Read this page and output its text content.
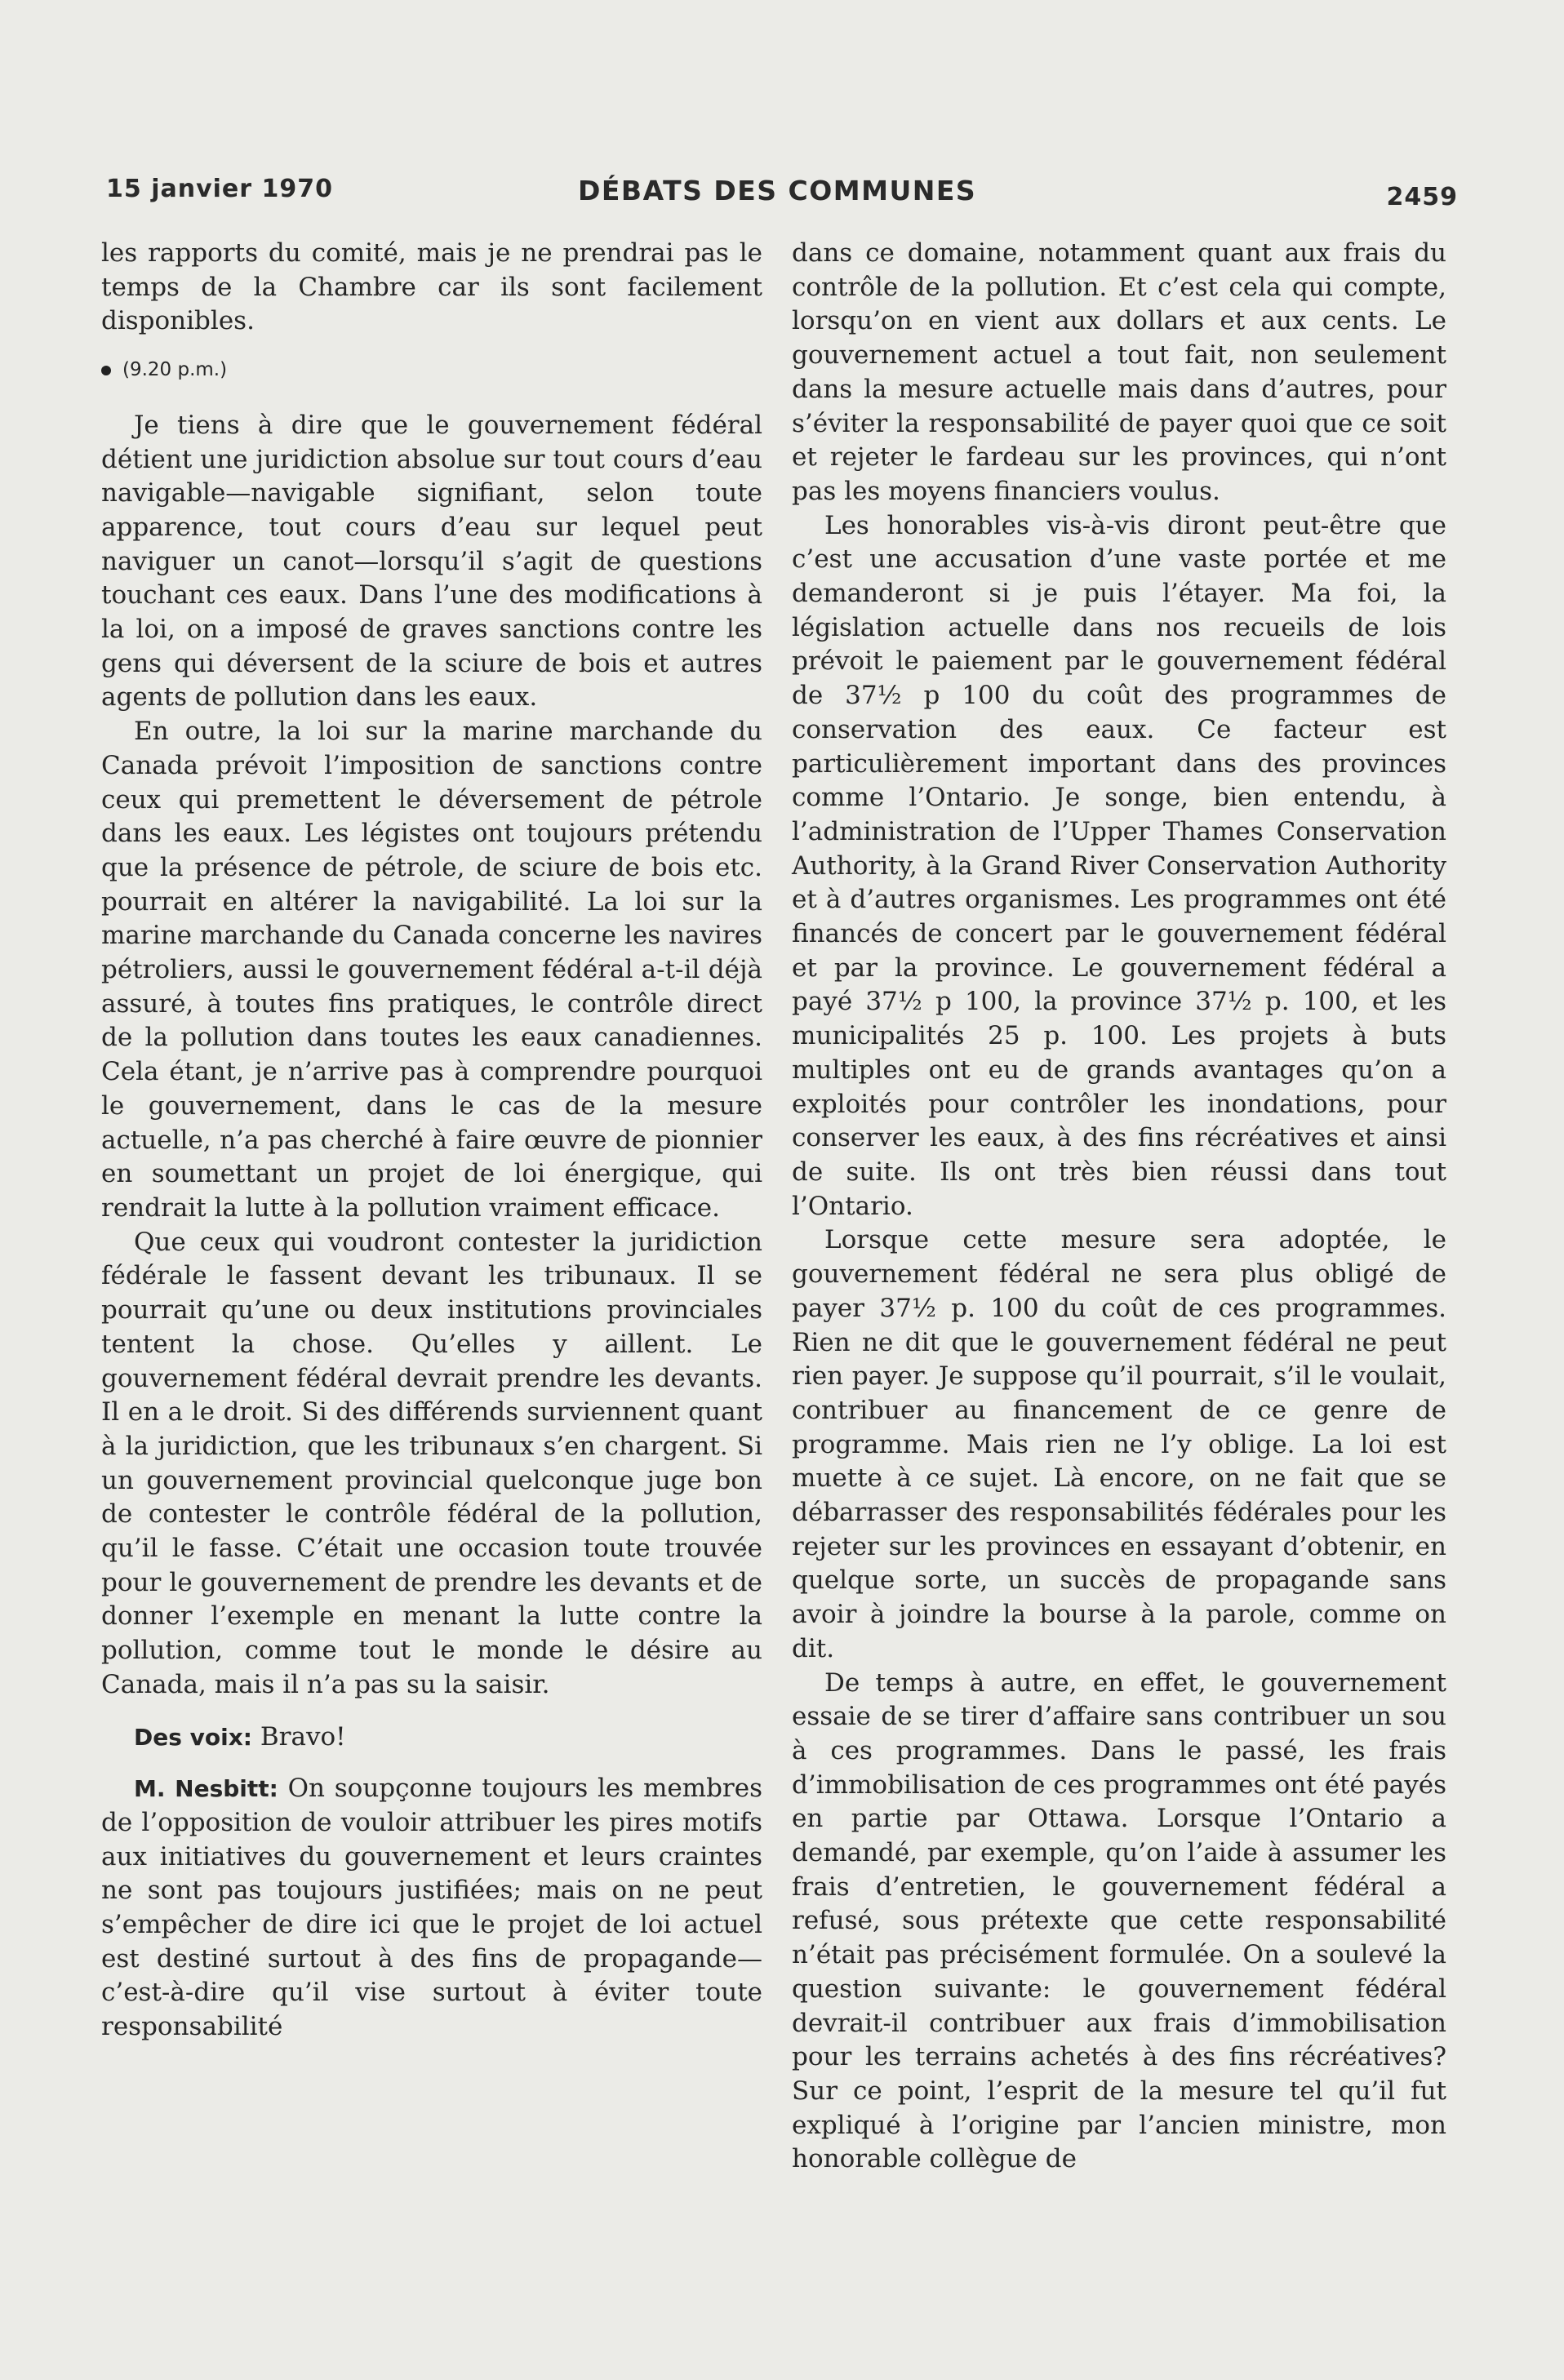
15 janvier 1970	DÉBATS DES COMMUNES	2459

les rapports du comité, mais je ne prendrai pas le temps de la Chambre car ils sont facilement disponibles.

(9.20 p.m.)

Je tiens à dire que le gouvernement fédéral détient une juridiction absolue sur tout cours d’eau navigable—navigable signifiant, selon toute apparence, tout cours d’eau sur lequel peut naviguer un canot—lorsqu’il s’agit de questions touchant ces eaux. Dans l’une des modifications à la loi, on a imposé de graves sanctions contre les gens qui déversent de la sciure de bois et autres agents de pollution dans les eaux.

En outre, la loi sur la marine marchande du Canada prévoit l’imposition de sanctions contre ceux qui premettent le déversement de pétrole dans les eaux. Les légistes ont toujours prétendu que la présence de pétrole, de sciure de bois etc. pourrait en altérer la navigabilité. La loi sur la marine marchande du Canada concerne les navires pétroliers, aussi le gouvernement fédéral a-t-il déjà assuré, à toutes fins pratiques, le contrôle direct de la pollution dans toutes les eaux canadiennes. Cela étant, je n’arrive pas à comprendre pourquoi le gouvernement, dans le cas de la mesure actuelle, n’a pas cherché à faire œuvre de pionnier en soumettant un projet de loi énergique, qui rendrait la lutte à la pollution vraiment efficace.

Que ceux qui voudront contester la juridiction fédérale le fassent devant les tribunaux. Il se pourrait qu’une ou deux institutions provinciales tentent la chose. Qu’elles y aillent. Le gouvernement fédéral devrait prendre les devants. Il en a le droit. Si des différends surviennent quant à la juridiction, que les tribunaux s’en chargent. Si un gouvernement provincial quelconque juge bon de contester le contrôle fédéral de la pollution, qu’il le fasse. C’était une occasion toute trouvée pour le gouvernement de prendre les devants et de donner l’exemple en menant la lutte contre la pollution, comme tout le monde le désire au Canada, mais il n’a pas su la saisir.

Des voix: Bravo!

M. Nesbitt: On soupçonne toujours les membres de l’opposition de vouloir attribuer les pires motifs aux initiatives du gouvernement et leurs craintes ne sont pas toujours justifiées; mais on ne peut s’empêcher de dire ici que le projet de loi actuel est destiné surtout à des fins de propagande—c’est-à-dire qu’il vise surtout à éviter toute responsabilité

dans ce domaine, notamment quant aux frais du contrôle de la pollution. Et c’est cela qui compte, lorsqu’on en vient aux dollars et aux cents. Le gouvernement actuel a tout fait, non seulement dans la mesure actuelle mais dans d’autres, pour s’éviter la responsabilité de payer quoi que ce soit et rejeter le fardeau sur les provinces, qui n’ont pas les moyens financiers voulus.

Les honorables vis-à-vis diront peut-être que c’est une accusation d’une vaste portée et me demanderont si je puis l’étayer. Ma foi, la législation actuelle dans nos recueils de lois prévoit le paiement par le gouvernement fédéral de 37½ p 100 du coût des programmes de conservation des eaux. Ce facteur est particulièrement important dans des provinces comme l’Ontario. Je songe, bien entendu, à l’administration de l’Upper Thames Conservation Authority, à la Grand River Conservation Authority et à d’autres organismes. Les programmes ont été financés de concert par le gouvernement fédéral et par la province. Le gouvernement fédéral a payé 37½ p 100, la province 37½ p. 100, et les municipalités 25 p. 100. Les projets à buts multiples ont eu de grands avantages qu’on a exploités pour contrôler les inondations, pour conserver les eaux, à des fins récréatives et ainsi de suite. Ils ont très bien réussi dans tout l’Ontario.

Lorsque cette mesure sera adoptée, le gouvernement fédéral ne sera plus obligé de payer 37½ p. 100 du coût de ces programmes. Rien ne dit que le gouvernement fédéral ne peut rien payer. Je suppose qu’il pourrait, s’il le voulait, contribuer au financement de ce genre de programme. Mais rien ne l’y oblige. La loi est muette à ce sujet. Là encore, on ne fait que se débarrasser des responsabilités fédérales pour les rejeter sur les provinces en essayant d’obtenir, en quelque sorte, un succès de propagande sans avoir à joindre la bourse à la parole, comme on dit.

De temps à autre, en effet, le gouvernement essaie de se tirer d’affaire sans contribuer un sou à ces programmes. Dans le passé, les frais d’immobilisation de ces programmes ont été payés en partie par Ottawa. Lorsque l’Ontario a demandé, par exemple, qu’on l’aide à assumer les frais d’entretien, le gouvernement fédéral a refusé, sous prétexte que cette responsabilité n’était pas précisément formulée. On a soulevé la question suivante: le gouvernement fédéral devrait-il contribuer aux frais d’immobilisation pour les terrains achetés à des fins récréatives? Sur ce point, l’esprit de la mesure tel qu’il fut expliqué à l’origine par l’ancien ministre, mon honorable collègue de
